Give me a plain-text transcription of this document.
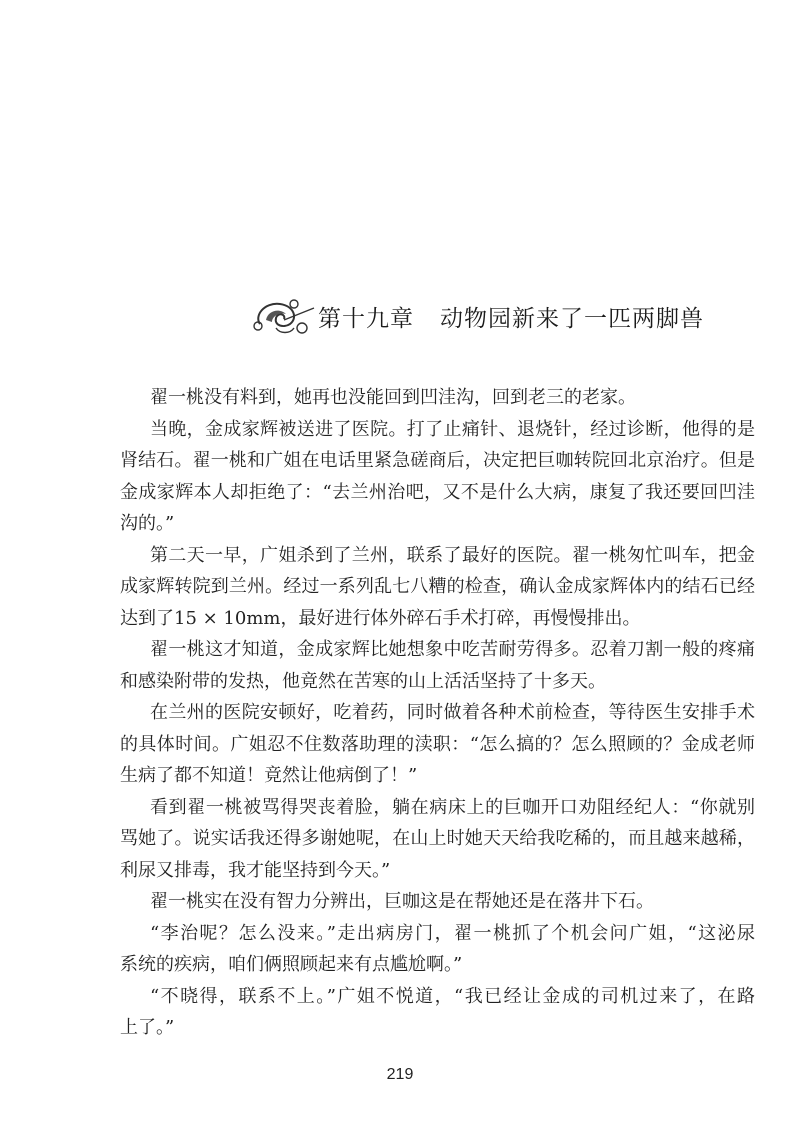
第十九章 动物园新来了一匹两脚兽
翟一桃没有料到，她再也没能回到凹洼沟，回到老三的老家。
当晚，金成家辉被送进了医院。打了止痛针、退烧针，经过诊断，他得的是
肾结石。翟一桃和广姐在电话里紧急磋商后，决定把巨咖转院回北京治疗。但是
金成家辉本人却拒绝了：“去兰州治吧，又不是什么大病，康复了我还要回凹洼
沟的。”
第二天一早，广姐杀到了兰州，联系了最好的医院。翟一桃匆忙叫车，把金
成家辉转院到兰州。经过一系列乱七八糟的检查，确认金成家辉体内的结石已经
达到了15 × 10mm，最好进行体外碎石手术打碎，再慢慢排出。
翟一桃这才知道，金成家辉比她想象中吃苦耐劳得多。忍着刀割一般的疼痛
和感染附带的发热，他竟然在苦寒的山上活活坚持了十多天。
在兰州的医院安顿好，吃着药，同时做着各种术前检查，等待医生安排手术
的具体时间。广姐忍不住数落助理的渎职：“怎么搞的？怎么照顾的？金成老师
生病了都不知道！竟然让他病倒了！”
看到翟一桃被骂得哭丧着脸，躺在病床上的巨咖开口劝阻经纪人：“你就别
骂她了。说实话我还得多谢她呢，在山上时她天天给我吃稀的，而且越来越稀，
利尿又排毒，我才能坚持到今天。”
翟一桃实在没有智力分辨出，巨咖这是在帮她还是在落井下石。
“李治呢？怎么没来。”走出病房门，翟一桃抓了个机会问广姐，“这泌尿
系统的疾病，咱们俩照顾起来有点尴尬啊。”
“不晓得，联系不上。”广姐不悦道，“我已经让金成的司机过来了，在路
上了。”
219
